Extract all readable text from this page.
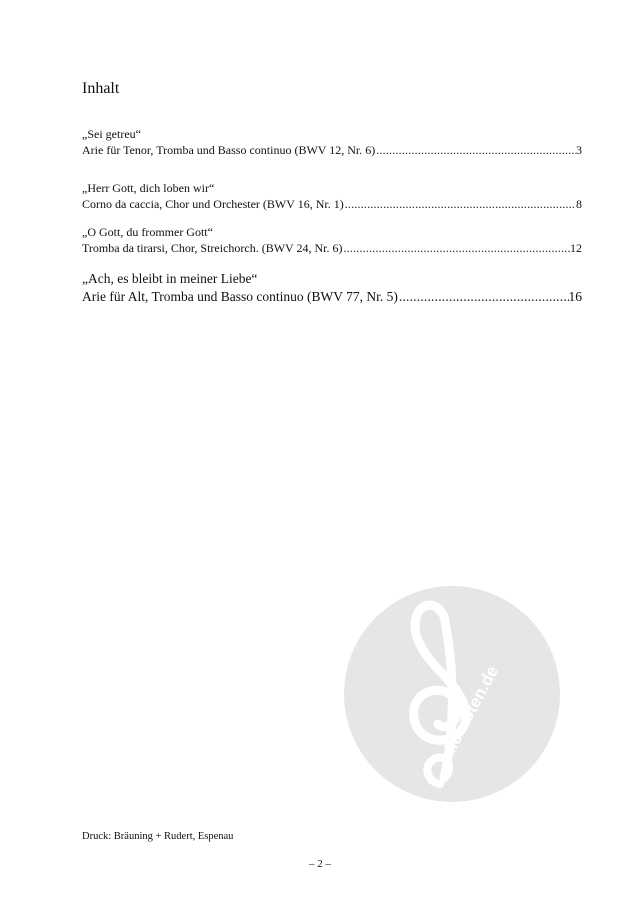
Inhalt
„Sei getreu“
Arie für Tenor, Tromba und Basso continuo (BWV 12, Nr. 6) .....	3
„Herr Gott, dich loben wir“
Corno da caccia, Chor und Orchester (BWV 16, Nr. 1) .....	8
„O Gott, du frommer Gott“
Tromba da tirarsi, Chor, Streichorch. (BWV 24, Nr. 6) .....	12
„Ach, es bleibt in meiner Liebe“
Arie für Alt, Tromba und Basso continuo (BWV 77, Nr. 5) .....	16
alle-noten.de
Druck: Bräuning + Rudert, Espenau
– 2 –
